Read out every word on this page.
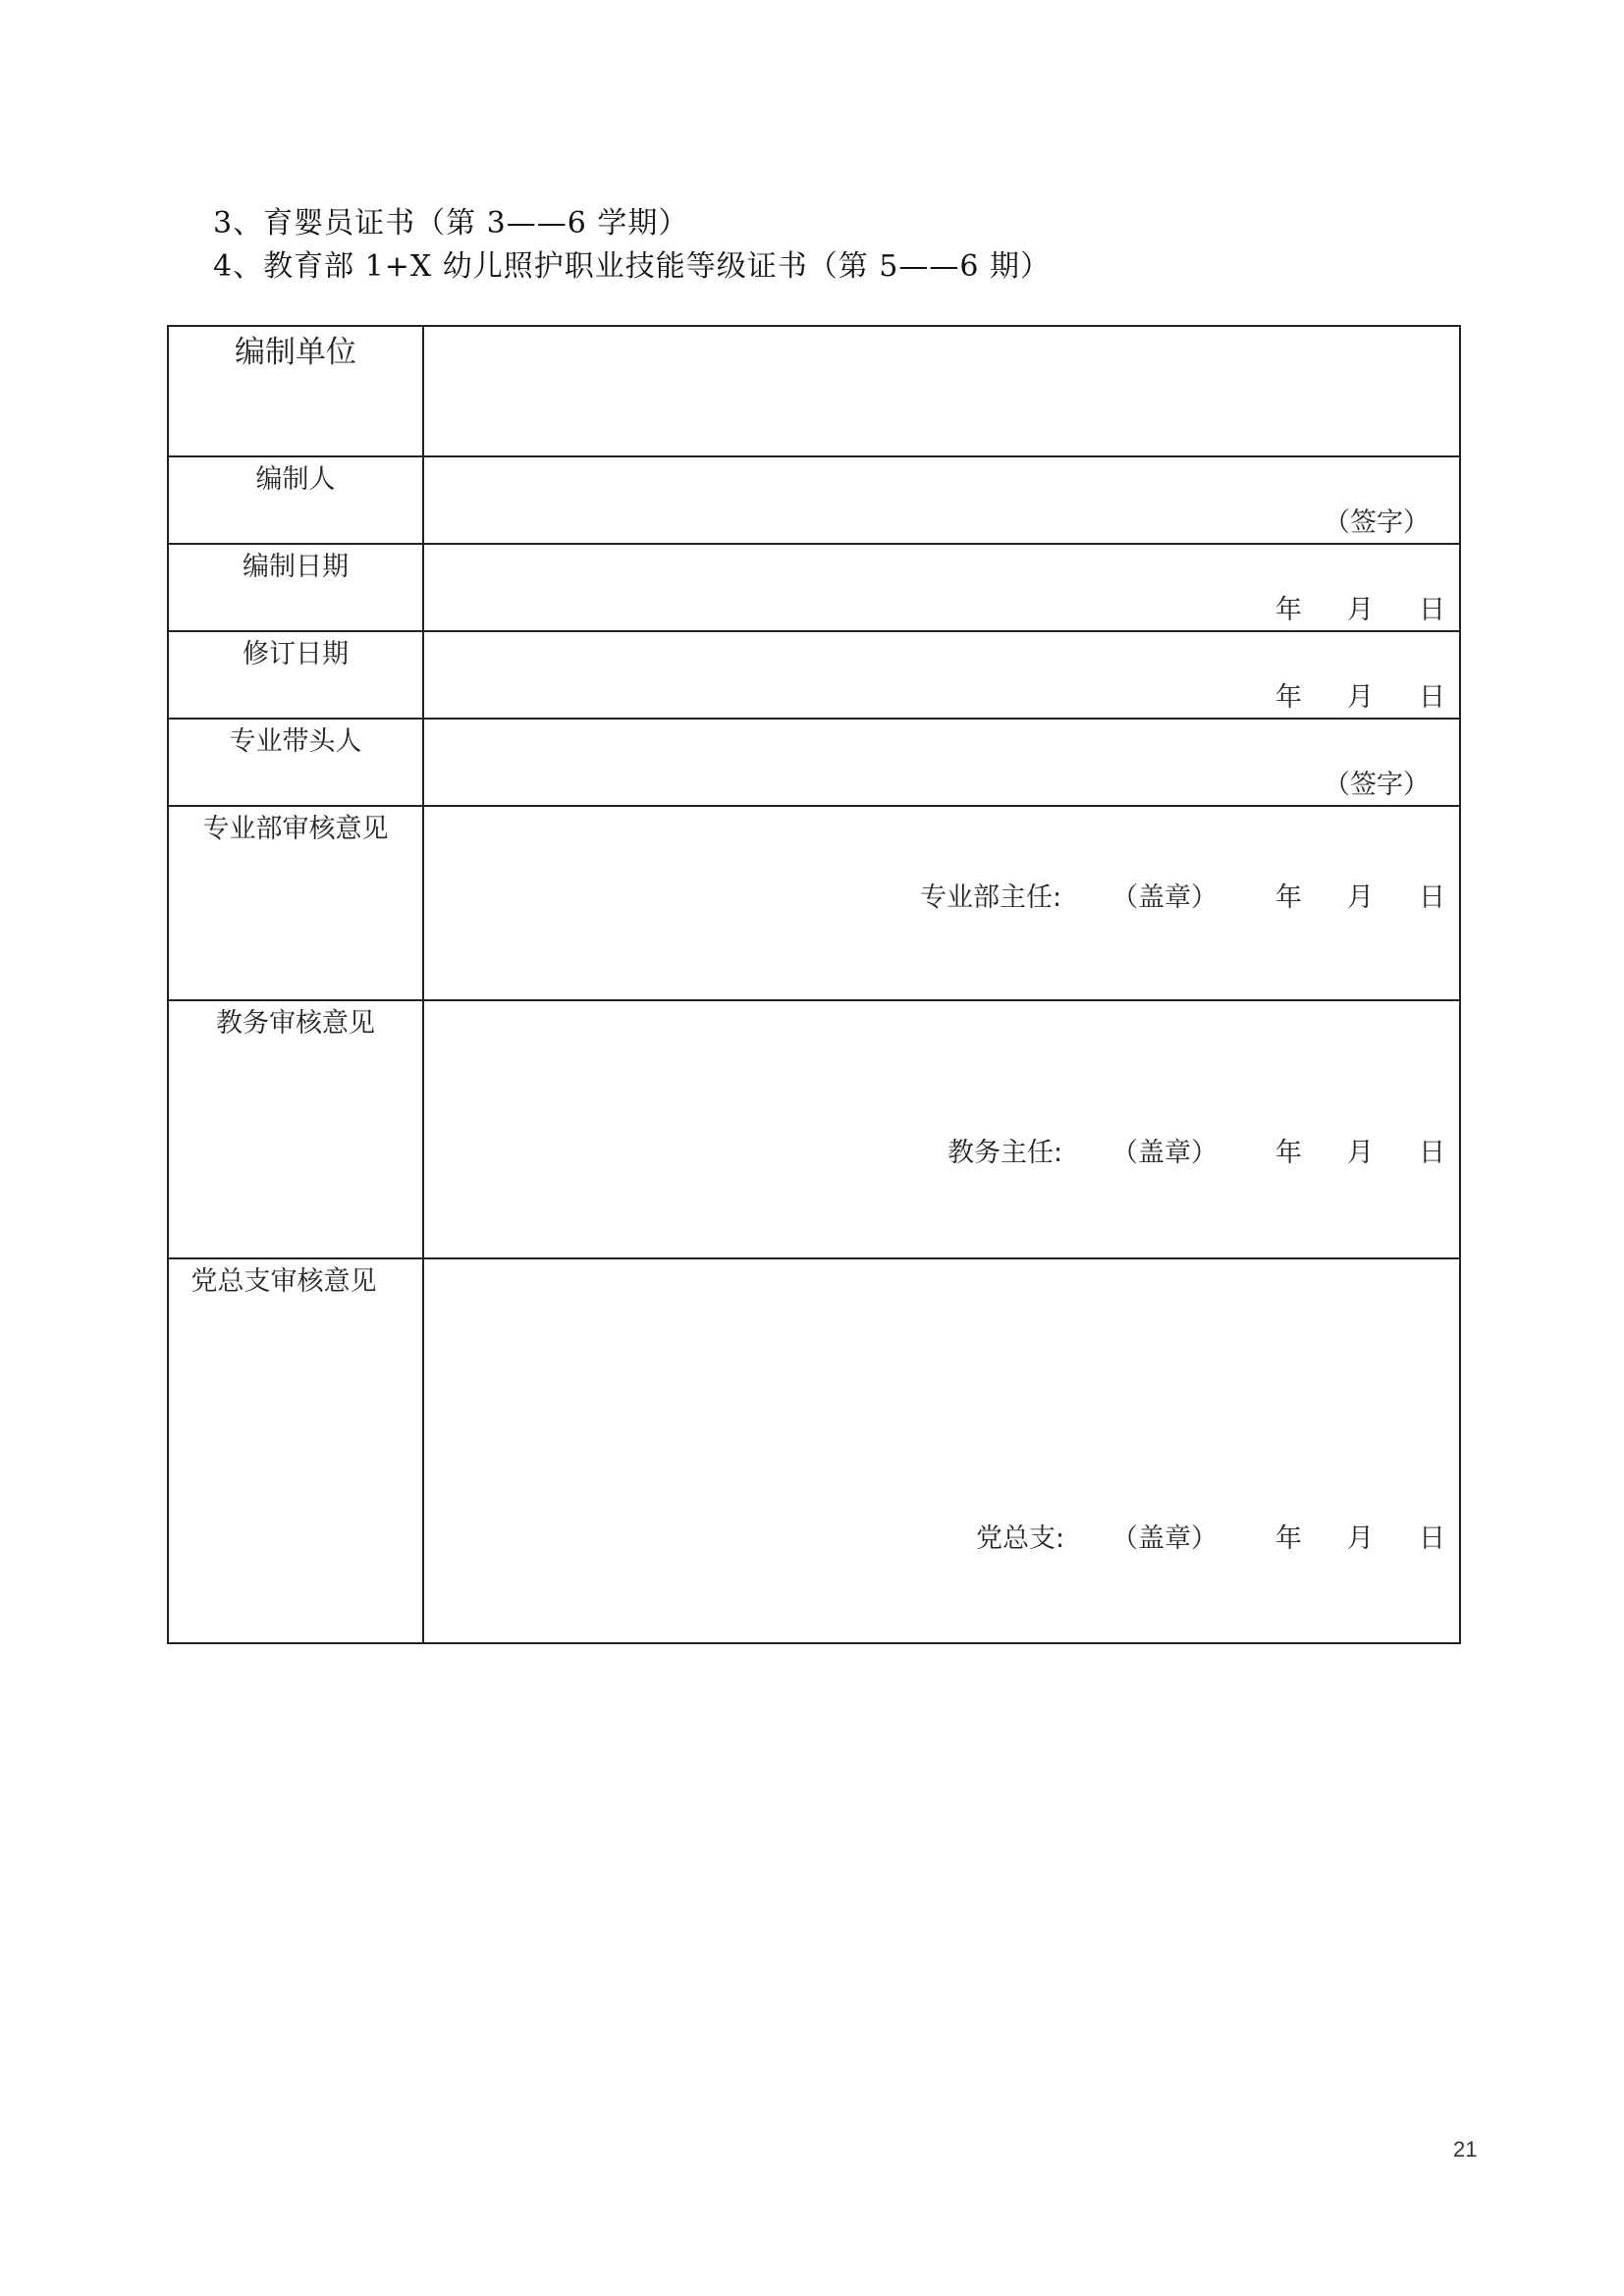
3、育婴员证书（第 3——6 学期）
4、教育部 1+X 幼儿照护职业技能等级证书（第 5——6 期）
编制单位	
编制人	（签字）

编制日期	年 月 日

修订日期	年 月 日

专业带头人	（签字）

专业部审核意见	专业部主任: （盖章） 年 月 日

教务审核意见	教务主任: （盖章） 年 月 日

党总支审核意见	党总支: （盖章） 年 月 日
21
